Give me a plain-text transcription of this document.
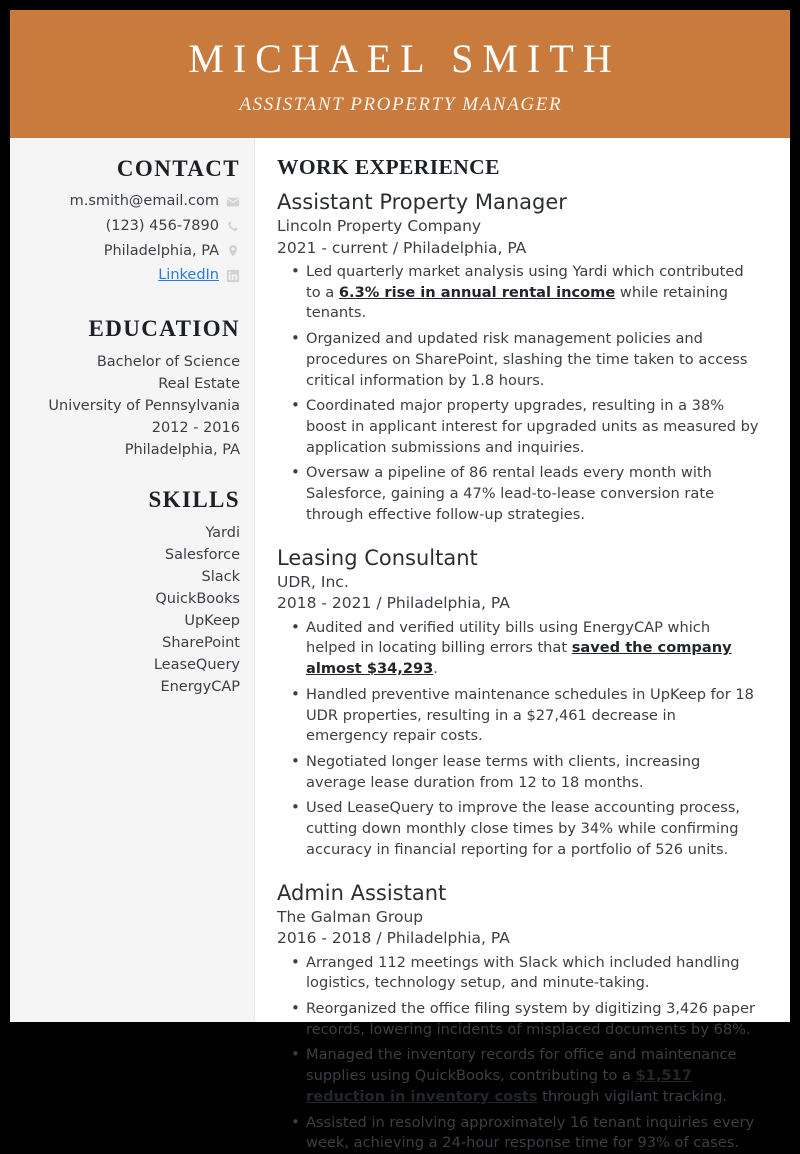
MICHAEL SMITH
ASSISTANT PROPERTY MANAGER
CONTACT
m.smith@email.com
(123) 456-7890
Philadelphia, PA
LinkedIn
EDUCATION
Bachelor of Science
Real Estate
University of Pennsylvania
2012 - 2016
Philadelphia, PA
SKILLS
Yardi
Salesforce
Slack
QuickBooks
UpKeep
SharePoint
LeaseQuery
EnergyCAP
WORK EXPERIENCE
Assistant Property Manager
Lincoln Property Company
2021 - current / Philadelphia, PA
• Led quarterly market analysis using Yardi which contributed to a 6.3% rise in annual rental income while retaining tenants.
• Organized and updated risk management policies and procedures on SharePoint, slashing the time taken to access critical information by 1.8 hours.
• Coordinated major property upgrades, resulting in a 38% boost in applicant interest for upgraded units as measured by application submissions and inquiries.
• Oversaw a pipeline of 86 rental leads every month with Salesforce, gaining a 47% lead-to-lease conversion rate through effective follow-up strategies.
Leasing Consultant
UDR, Inc.
2018 - 2021 / Philadelphia, PA
• Audited and verified utility bills using EnergyCAP which helped in locating billing errors that saved the company almost $34,293.
• Handled preventive maintenance schedules in UpKeep for 18 UDR properties, resulting in a $27,461 decrease in emergency repair costs.
• Negotiated longer lease terms with clients, increasing average lease duration from 12 to 18 months.
• Used LeaseQuery to improve the lease accounting process, cutting down monthly close times by 34% while confirming accuracy in financial reporting for a portfolio of 526 units.
Admin Assistant
The Galman Group
2016 - 2018 / Philadelphia, PA
• Arranged 112 meetings with Slack which included handling logistics, technology setup, and minute-taking.
• Reorganized the office filing system by digitizing 3,426 paper records, lowering incidents of misplaced documents by 68%.
• Managed the inventory records for office and maintenance supplies using QuickBooks, contributing to a $1,517 reduction in inventory costs through vigilant tracking.
• Assisted in resolving approximately 16 tenant inquiries every week, achieving a 24-hour response time for 93% of cases.
